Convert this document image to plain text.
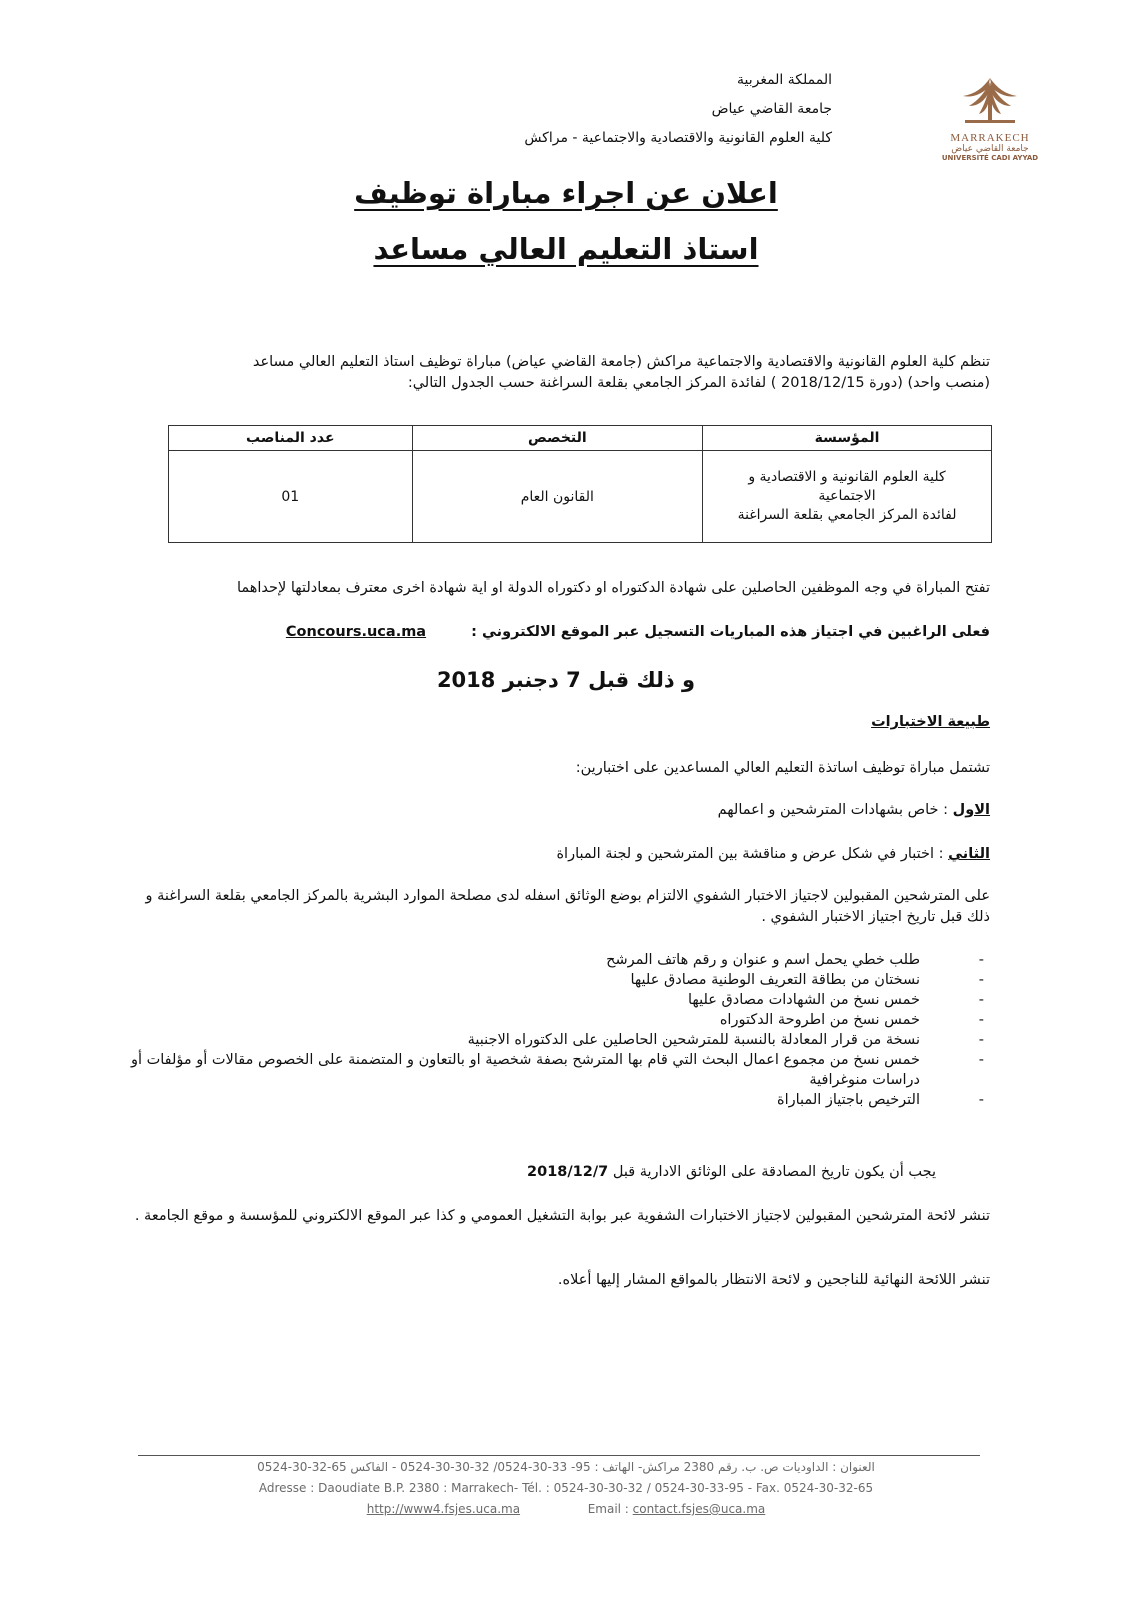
المملكة المغربية
جامعة القاضي عياض
كلية العلوم القانونية والاقتصادية والاجتماعية - مراكش	MARRAKECH
جامعة القاضي عياض
UNIVERSITÉ CADI AYYAD
اعلان عن اجراء مباراة توظيف
استاذ التعليم العالي مساعد
تنظم كلية العلوم القانونية والاقتصادية والاجتماعية مراكش (جامعة القاضي عياض) مباراة توظيف استاذ التعليم العالي مساعد
(منصب واحد) (دورة 2018/12/15 ) لفائدة المركز الجامعي بقلعة السراغنة حسب الجدول التالي:
المؤسسة	التخصص	عدد المناصب

كلية العلوم القانونية و الاقتصادية و
الاجتماعية
لفائدة المركز الجامعي بقلعة السراغنة	القانون العام	01
تفتح المباراة في وجه الموظفين الحاصلين على شهادة الدكتوراه او دكتوراه الدولة او اية شهادة اخرى معترف بمعادلتها لإحداهما
فعلى الراغبين في اجتياز هذه المباريات التسجيل عبر الموقع الالكتروني : Concours.uca.ma
و ذلك قبل 7 دجنبر 2018
طبيعة الاختبارات
تشتمل مباراة توظيف اساتذة التعليم العالي المساعدين على اختبارين:
الاول : خاص بشهادات المترشحين و اعمالهم
الثاني : اختبار في شكل عرض و مناقشة بين المترشحين و لجنة المباراة
على المترشحين المقبولين لاجتياز الاختبار الشفوي الالتزام بوضع الوثائق اسفله لدى مصلحة الموارد البشرية بالمركز الجامعي بقلعة السراغنة و ذلك قبل تاريخ اجتياز الاختبار الشفوي .
- طلب خطي يحمل اسم و عنوان و رقم هاتف المرشح
- نسختان من بطاقة التعريف الوطنية مصادق عليها
- خمس نسخ من الشهادات مصادق عليها
- خمس نسخ من اطروحة الدكتوراه
- نسخة من قرار المعادلة بالنسبة للمترشحين الحاصلين على الدكتوراه الاجنبية
- خمس نسخ من مجموع اعمال البحث التي قام بها المترشح بصفة شخصية او بالتعاون و المتضمنة على الخصوص مقالات أو مؤلفات أو دراسات منوغرافية
- الترخيص باجتياز المباراة
يجب أن يكون تاريخ المصادقة على الوثائق الادارية قبل 2018/12/7
تنشر لائحة المترشحين المقبولين لاجتياز الاختبارات الشفوية عبر بوابة التشغيل العمومي و كذا عبر الموقع الالكتروني للمؤسسة و موقع الجامعة .
تنشر اللائحة النهائية للناجحين و لائحة الانتظار بالمواقع المشار إليها أعلاه.
العنوان : الداوديات ص. ب. رقم 2380 مراكش- الهاتف : 95- 33-30-0524/ 32-30-30-0524 - الفاكس 65-32-30-0524
Adresse : Daoudiate B.P. 2380 : Marrakech- Tél. : 0524-30-30-32 / 0524-30-33-95 - Fax. 0524-30-32-65
http://www4.fsjes.uca.ma	Email : contact.fsjes@uca.ma
